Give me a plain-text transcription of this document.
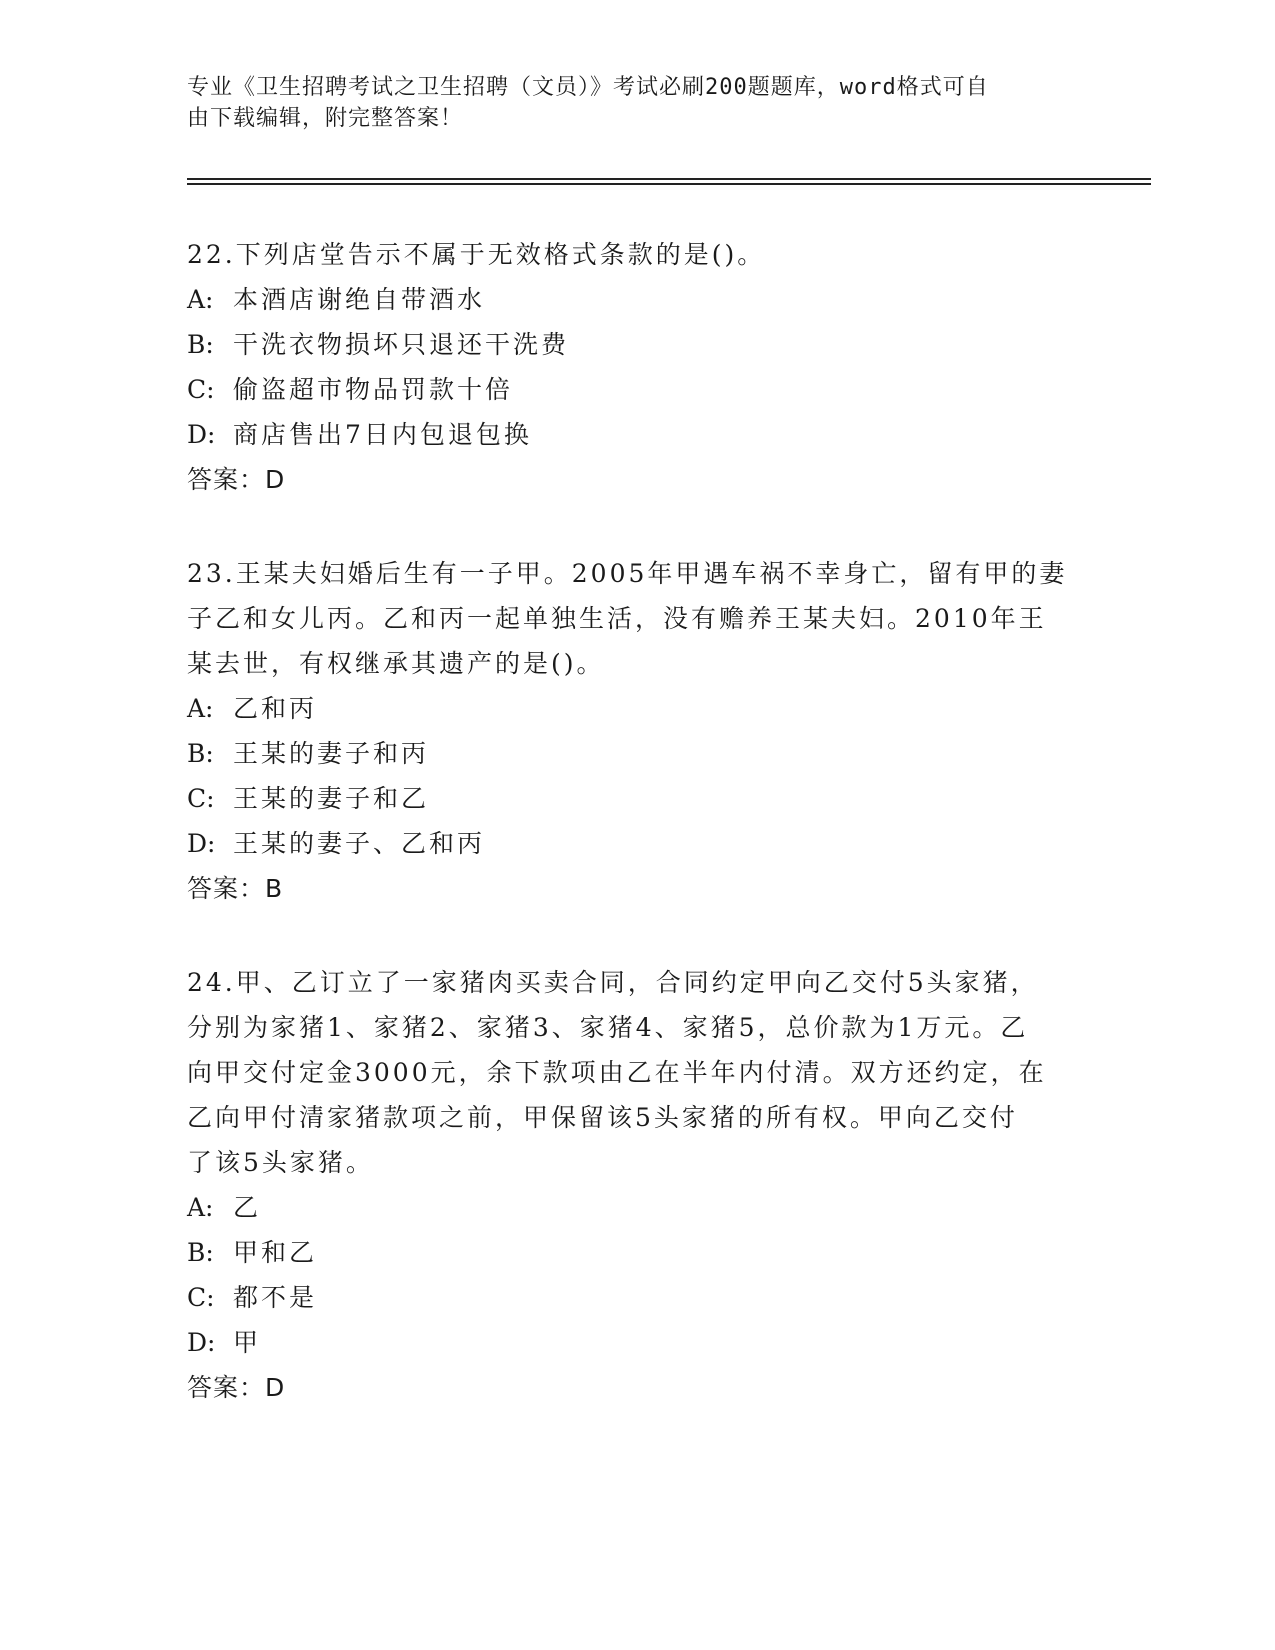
专业《卫生招聘考试之卫生招聘（文员）》考试必刷200题题库，word格式可自
由下载编辑，附完整答案！

22.下列店堂告示不属于无效格式条款的是()。

A: 本酒店谢绝自带酒水

B: 干洗衣物损坏只退还干洗费

C: 偷盗超市物品罚款十倍

D: 商店售出7日内包退包换

答案：D

23.王某夫妇婚后生有一子甲。2005年甲遇车祸不幸身亡，留有甲的妻

子乙和女儿丙。乙和丙一起单独生活，没有赡养王某夫妇。2010年王

某去世，有权继承其遗产的是()。

A: 乙和丙

B: 王某的妻子和丙

C: 王某的妻子和乙

D: 王某的妻子、乙和丙

答案：B

24.甲、乙订立了一家猪肉买卖合同，合同约定甲向乙交付5头家猪，

分别为家猪1、家猪2、家猪3、家猪4、家猪5，总价款为1万元。乙

向甲交付定金3000元，余下款项由乙在半年内付清。双方还约定，在

乙向甲付清家猪款项之前，甲保留该5头家猪的所有权。甲向乙交付

了该5头家猪。

A: 乙

B: 甲和乙

C: 都不是

D: 甲

答案：D
